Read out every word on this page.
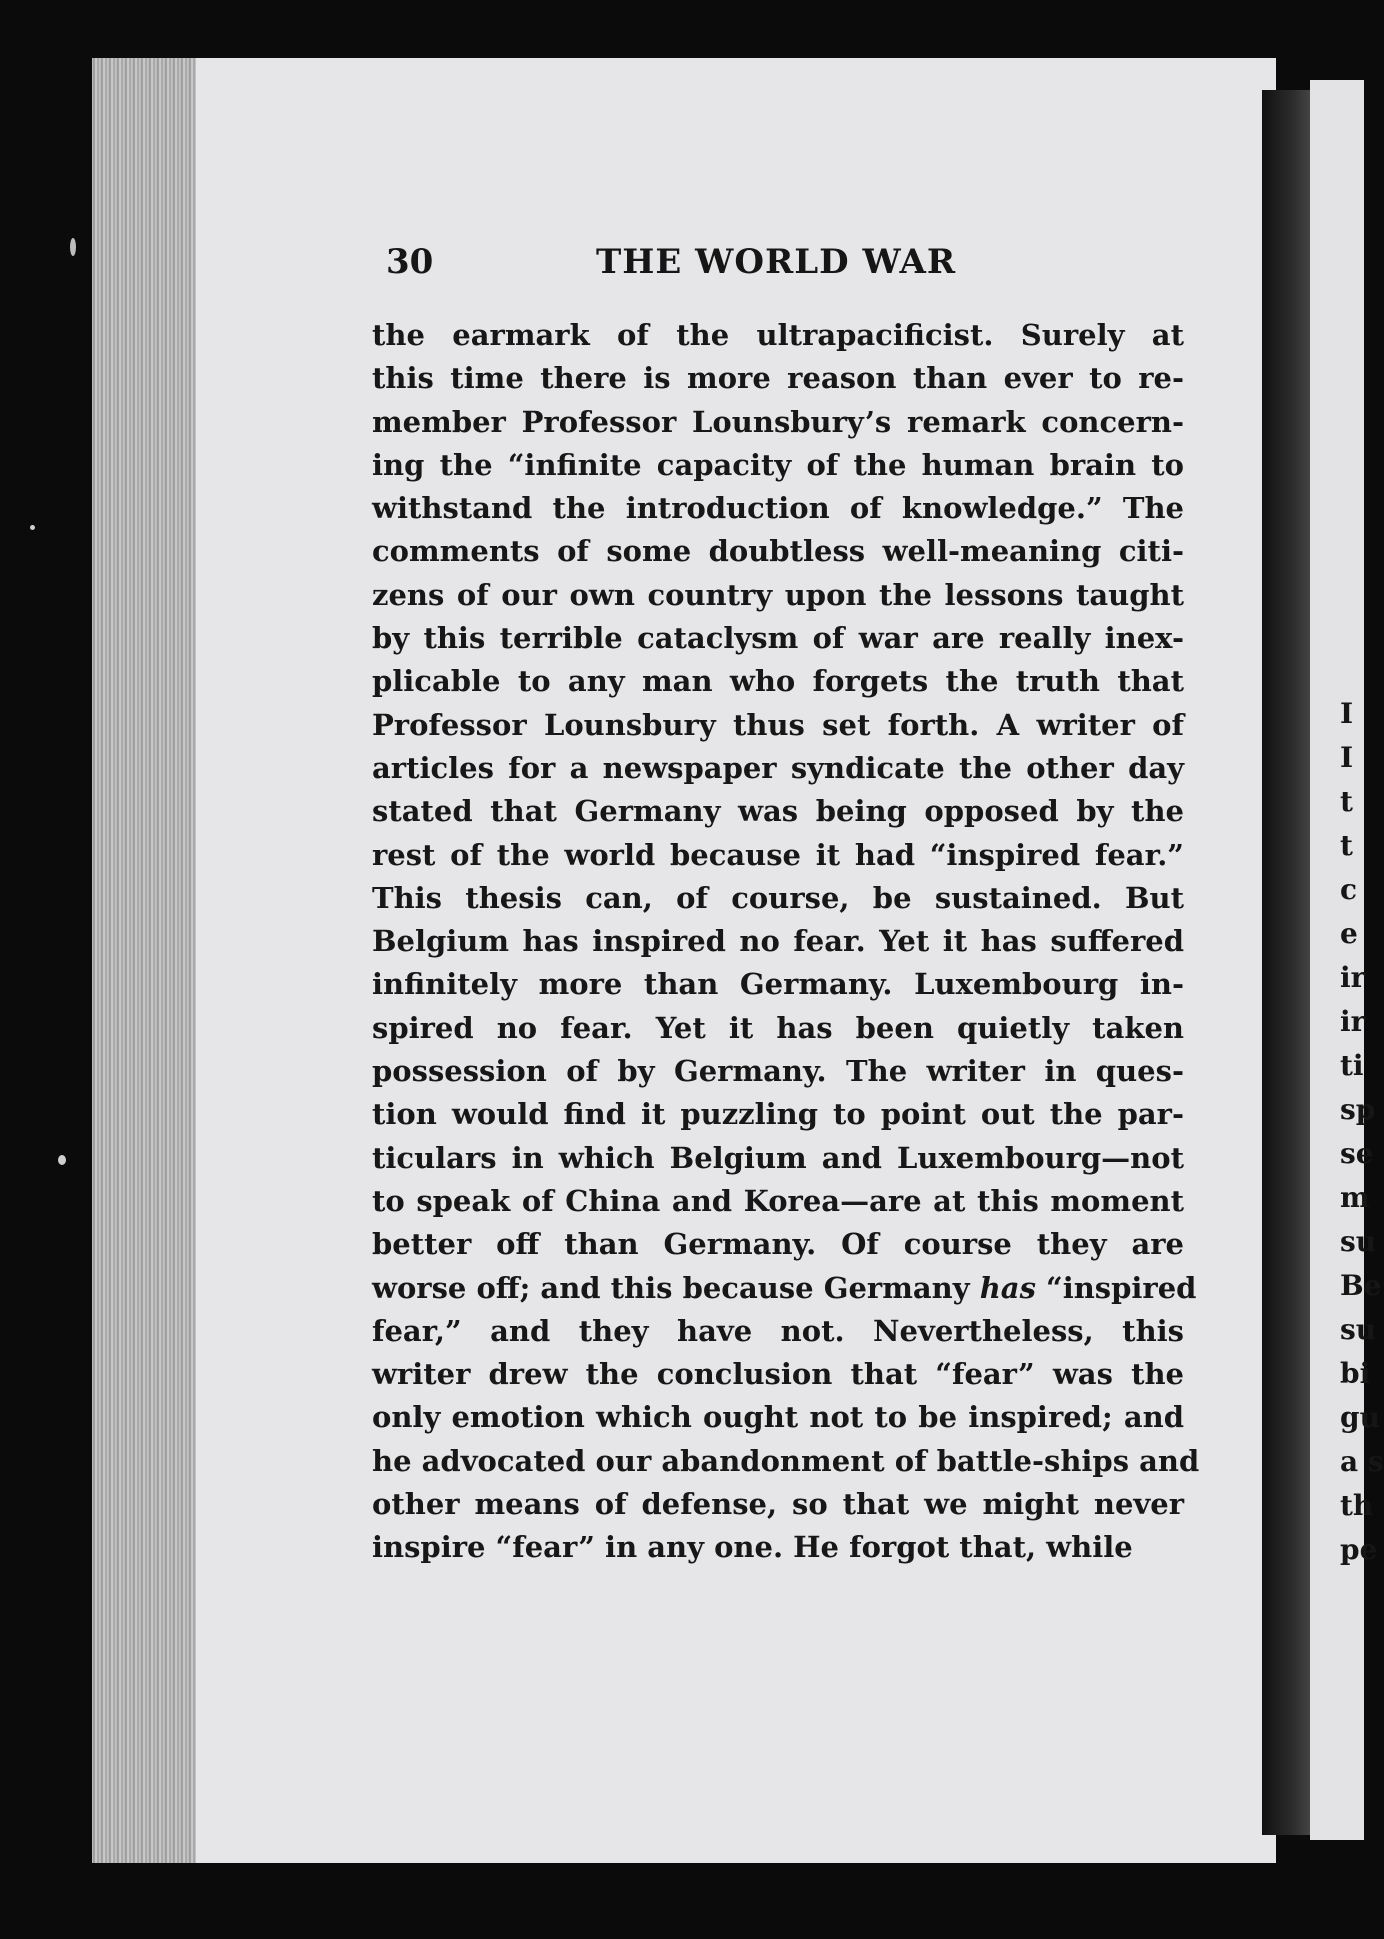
I
I
t
t
c
e
ir
ir
ti
sp
se
m
su
Be
su
bi
gu
a s
th
pe
30	THE WORLD WAR
the earmark of the ultrapacificist. Surely at
this time there is more reason than ever to re-
member Professor Lounsbury’s remark concern-
ing the “infinite capacity of the human brain to
withstand the introduction of knowledge.” The
comments of some doubtless well-meaning citi-
zens of our own country upon the lessons taught
by this terrible cataclysm of war are really inex-
plicable to any man who forgets the truth that
Professor Lounsbury thus set forth. A writer of
articles for a newspaper syndicate the other day
stated that Germany was being opposed by the
rest of the world because it had “inspired fear.”
This thesis can, of course, be sustained. But
Belgium has inspired no fear. Yet it has suffered
infinitely more than Germany. Luxembourg in-
spired no fear. Yet it has been quietly taken
possession of by Germany. The writer in ques-
tion would find it puzzling to point out the par-
ticulars in which Belgium and Luxembourg—not
to speak of China and Korea—are at this moment
better off than Germany. Of course they are
worse off; and this because Germany has “inspired
fear,” and they have not. Nevertheless, this
writer drew the conclusion that “fear” was the
only emotion which ought not to be inspired; and
he advocated our abandonment of battle-ships and
other means of defense, so that we might never
inspire “fear” in any one. He forgot that, while
